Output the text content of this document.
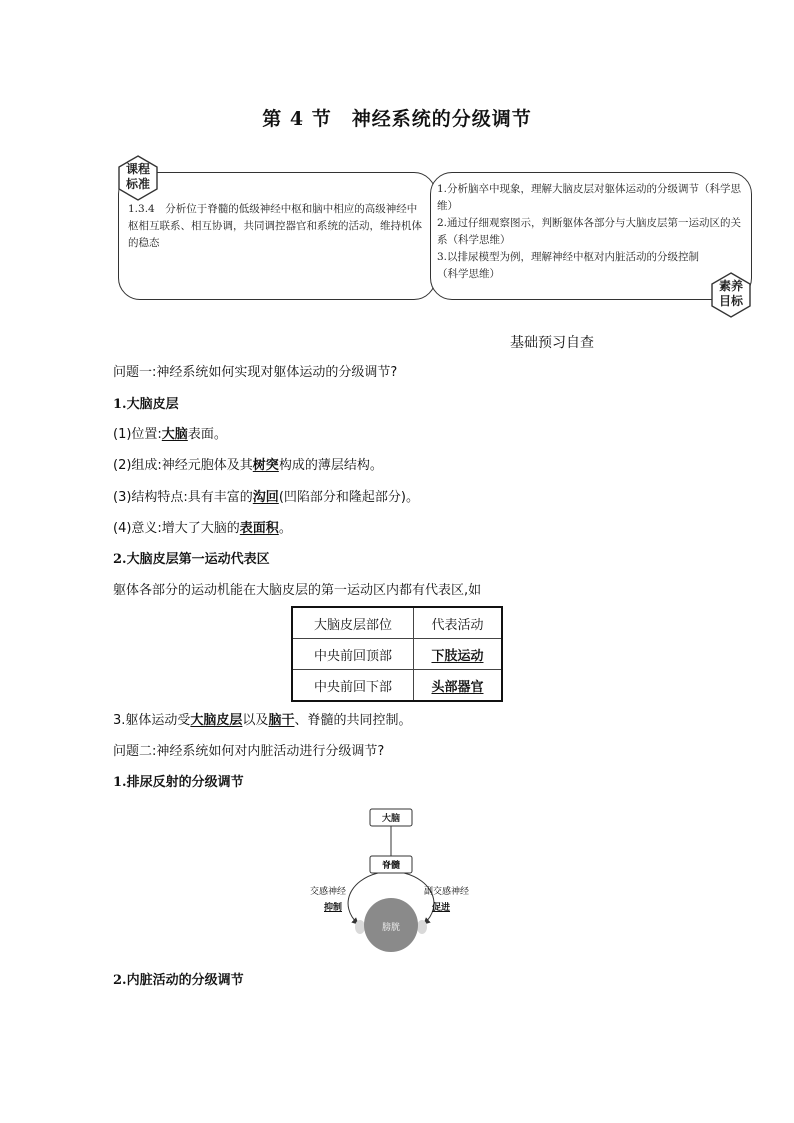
第 4 节　神经系统的分级调节
1.3.4　分析位于脊髓的低级神经中枢和脑中相应的高级神经中枢相互联系、相互协调，共同调控器官和系统的活动，维持机体的稳态
课程
标准	1.分析脑卒中现象，理解大脑皮层对躯体运动的分级调节（科学思维）
2.通过仔细观察图示，判断躯体各部分与大脑皮层第一运动区的关系（科学思维）
3.以排尿模型为例，理解神经中枢对内脏活动的分级控制（科学思维）
素养
目标
基础预习自查
问题一:神经系统如何实现对躯体运动的分级调节?
1.大脑皮层
(1)位置:大脑表面。
(2)组成:神经元胞体及其树突构成的薄层结构。
(3)结构特点:具有丰富的沟回(凹陷部分和隆起部分)。
(4)意义:增大了大脑的表面积。
2.大脑皮层第一运动代表区
躯体各部分的运动机能在大脑皮层的第一运动区内都有代表区,如
大脑皮层部位	代表活动
中央前回顶部	下肢运动
中央前回下部	头部器官
3.躯体运动受大脑皮层以及脑干、脊髓的共同控制。
问题二:神经系统如何对内脏活动进行分级调节?
1.排尿反射的分级调节
大脑
脊髓
交感神经
抑制
副交感神经
促进
膀胱
2.内脏活动的分级调节
